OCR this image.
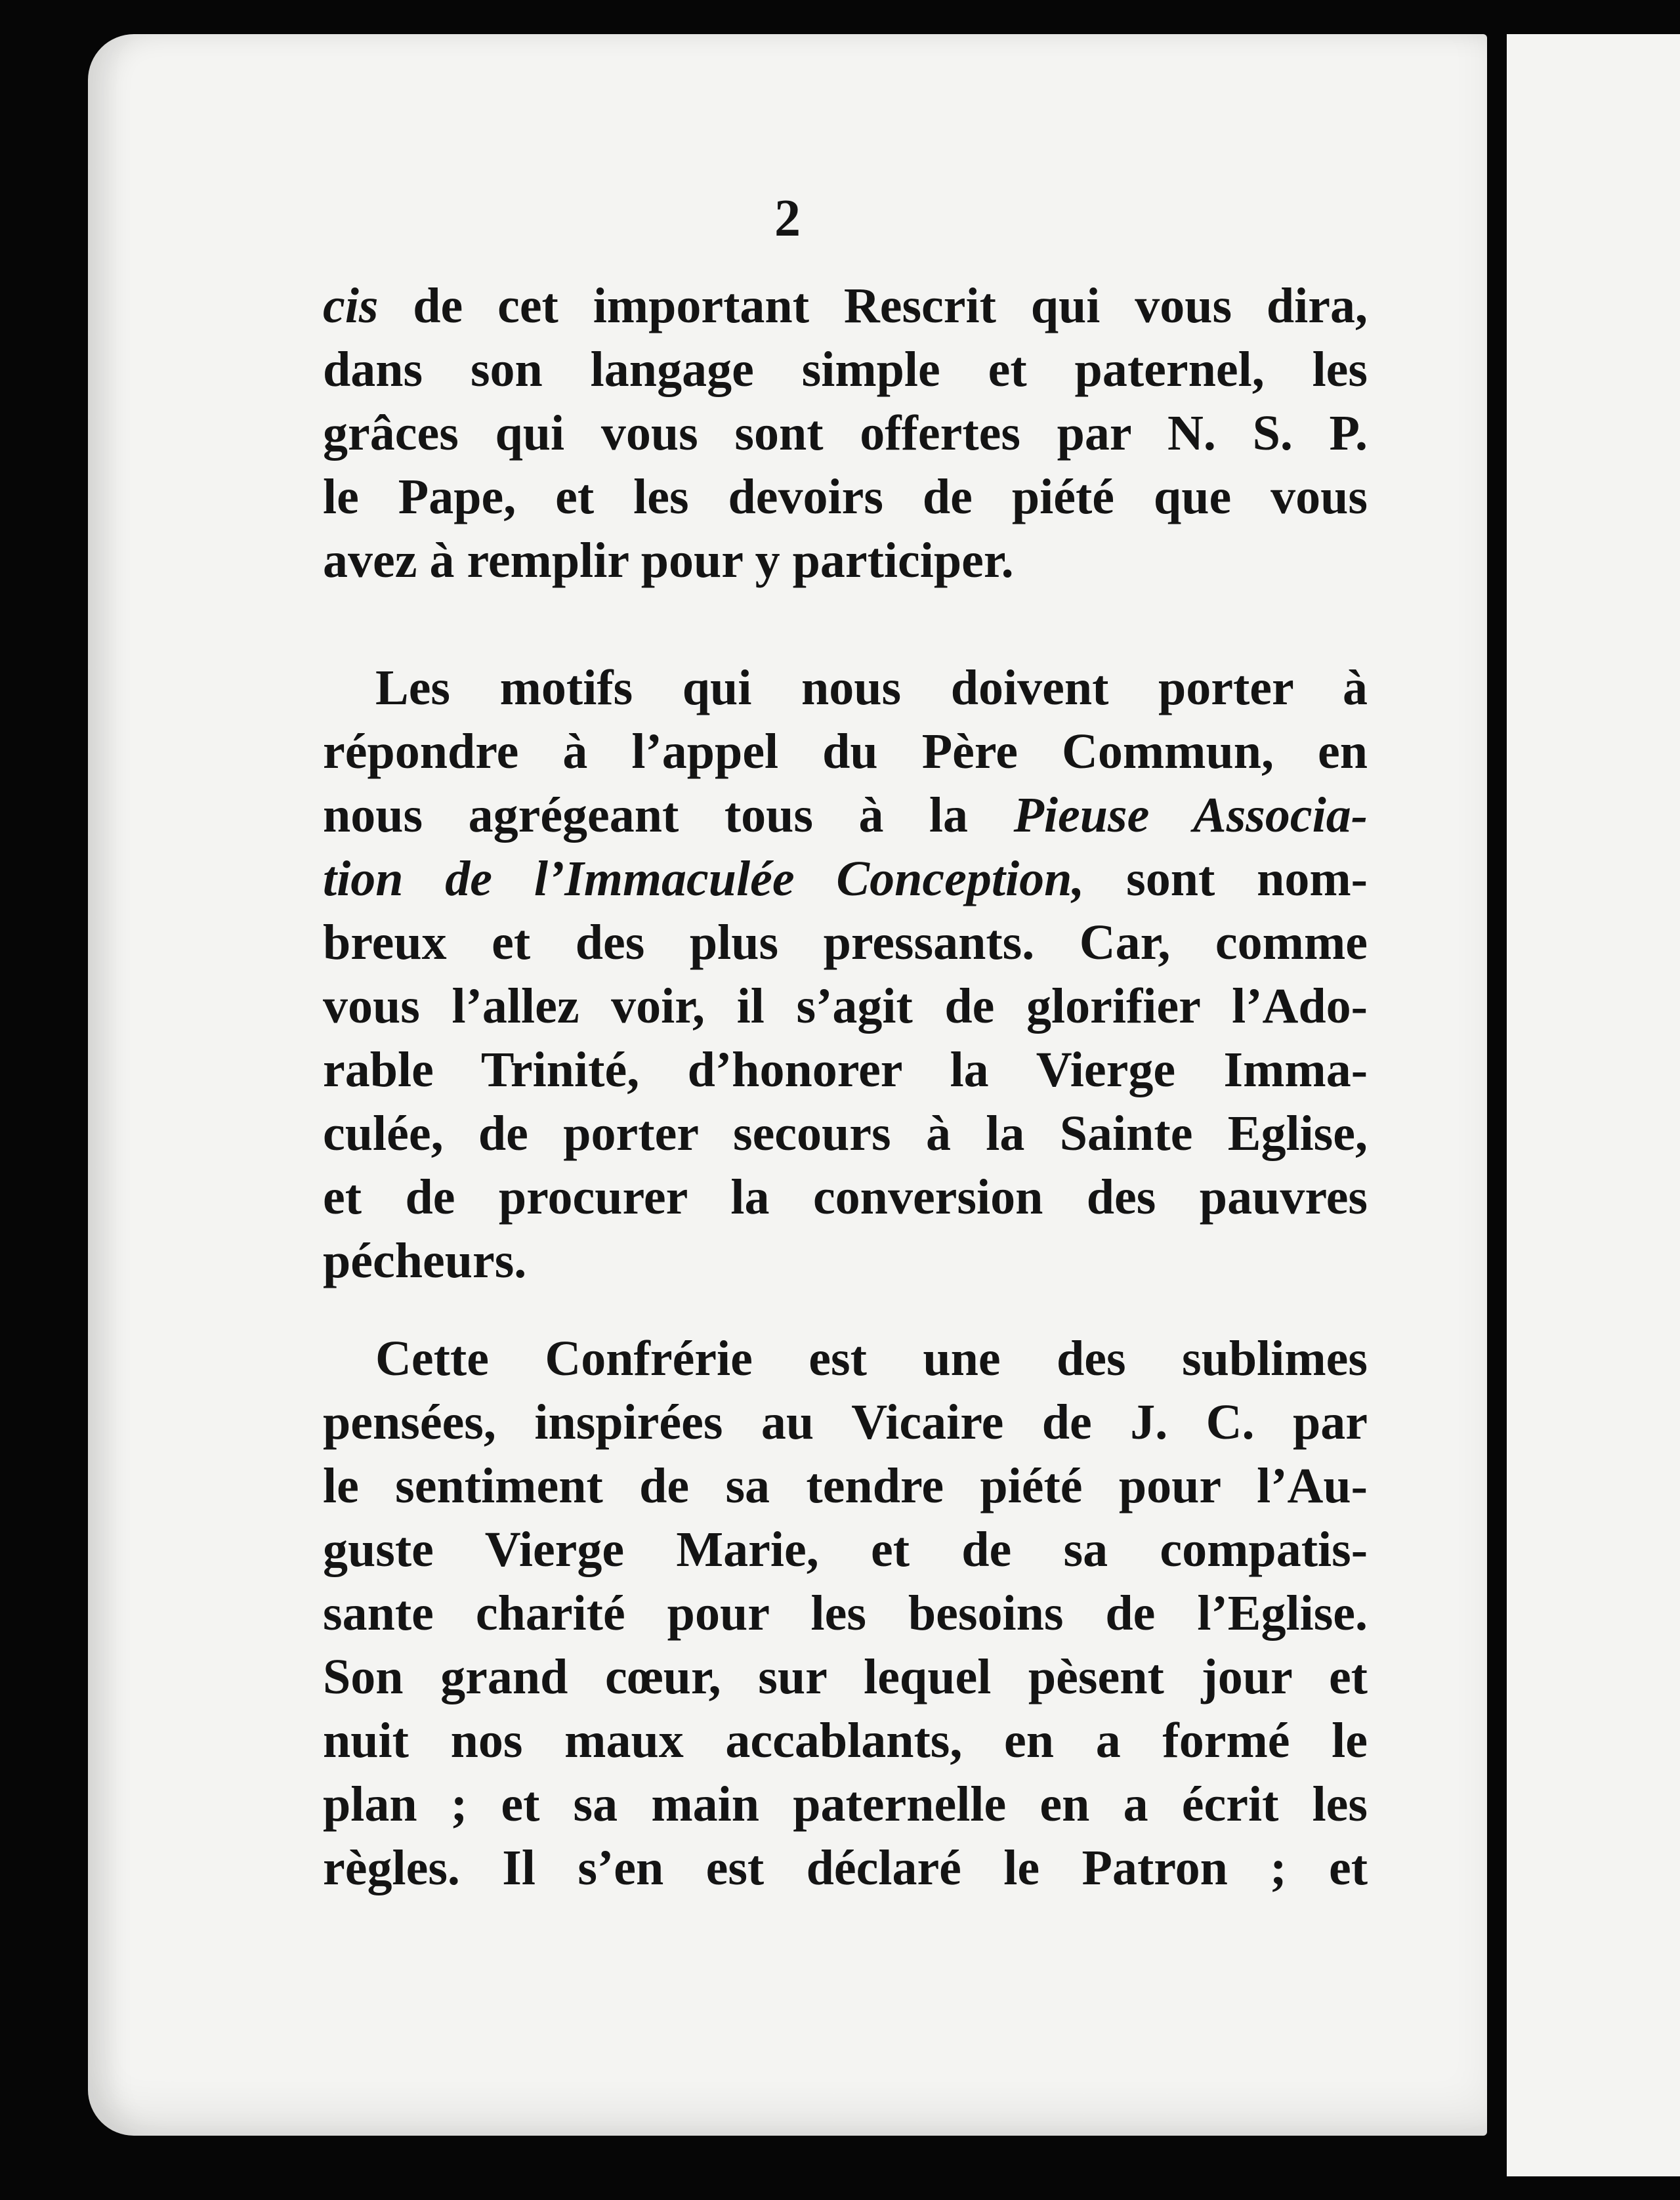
2
cis de cet important Rescrit qui vous dira,
dans son langage simple et paternel, les
grâces qui vous sont offertes par N. S. P.
le Pape, et les devoirs de piété que vous
avez à remplir pour y participer.
Les motifs qui nous doivent porter à
répondre à l’appel du Père Commun, en
nous agrégeant tous à la Pieuse Associa-
tion de l’Immaculée Conception, sont nom-
breux et des plus pressants. Car, comme
vous l’allez voir, il s’agit de glorifier l’Ado-
rable Trinité, d’honorer la Vierge Imma-
culée, de porter secours à la Sainte Eglise,
et de procurer la conversion des pauvres
pécheurs.
Cette Confrérie est une des sublimes
pensées, inspirées au Vicaire de J. C. par
le sentiment de sa tendre piété pour l’Au-
guste Vierge Marie, et de sa compatis-
sante charité pour les besoins de l’Eglise.
Son grand cœur, sur lequel pèsent jour et
nuit nos maux accablants, en a formé le
plan ; et sa main paternelle en a écrit les
règles. Il s’en est déclaré le Patron ; et
